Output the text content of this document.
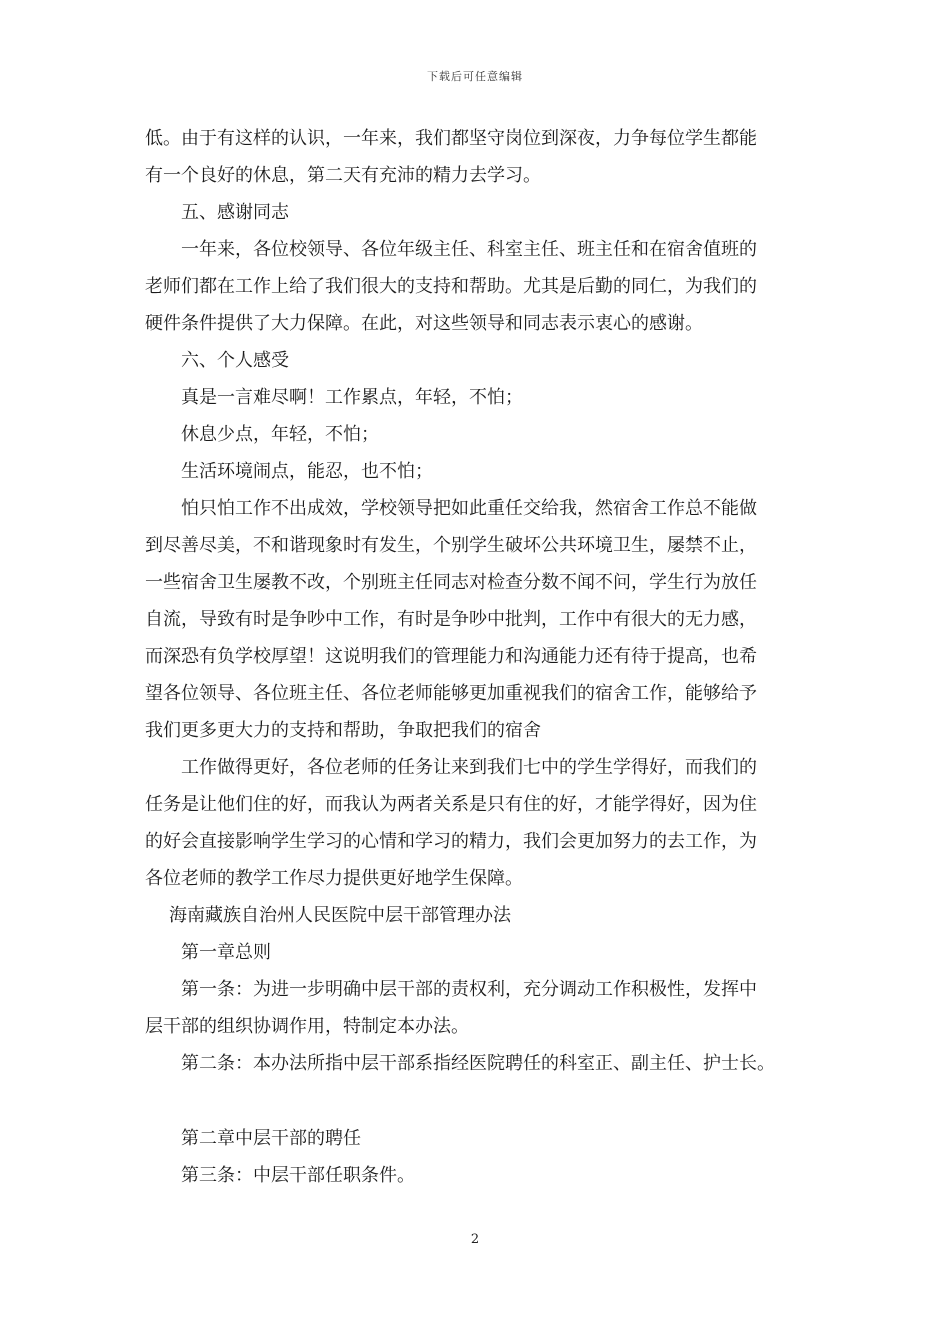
下载后可任意编辑
低。由于有这样的认识，一年来，我们都坚守岗位到深夜，力争每位学生都能
有一个良好的休息，第二天有充沛的精力去学习。
五、感谢同志
一年来，各位校领导、各位年级主任、科室主任、班主任和在宿舍值班的
老师们都在工作上给了我们很大的支持和帮助。尤其是后勤的同仁，为我们的
硬件条件提供了大力保障。在此，对这些领导和同志表示衷心的感谢。
六、个人感受
真是一言难尽啊！工作累点，年轻，不怕；
休息少点，年轻，不怕；
生活环境闹点，能忍，也不怕；
怕只怕工作不出成效，学校领导把如此重任交给我，然宿舍工作总不能做
到尽善尽美，不和谐现象时有发生，个别学生破坏公共环境卫生，屡禁不止，
一些宿舍卫生屡教不改，个别班主任同志对检查分数不闻不问，学生行为放任
自流，导致有时是争吵中工作，有时是争吵中批判，工作中有很大的无力感，
而深恐有负学校厚望！这说明我们的管理能力和沟通能力还有待于提高，也希
望各位领导、各位班主任、各位老师能够更加重视我们的宿舍工作，能够给予
我们更多更大力的支持和帮助，争取把我们的宿舍
工作做得更好，各位老师的任务让来到我们七中的学生学得好，而我们的
任务是让他们住的好，而我认为两者关系是只有住的好，才能学得好，因为住
的好会直接影响学生学习的心情和学习的精力，我们会更加努力的去工作，为
各位老师的教学工作尽力提供更好地学生保障。
海南藏族自治州人民医院中层干部管理办法
第一章总则
第一条：为进一步明确中层干部的责权利，充分调动工作积极性，发挥中
层干部的组织协调作用，特制定本办法。
第二条：本办法所指中层干部系指经医院聘任的科室正、副主任、护士长。
第二章中层干部的聘任
第三条：中层干部任职条件。
2
